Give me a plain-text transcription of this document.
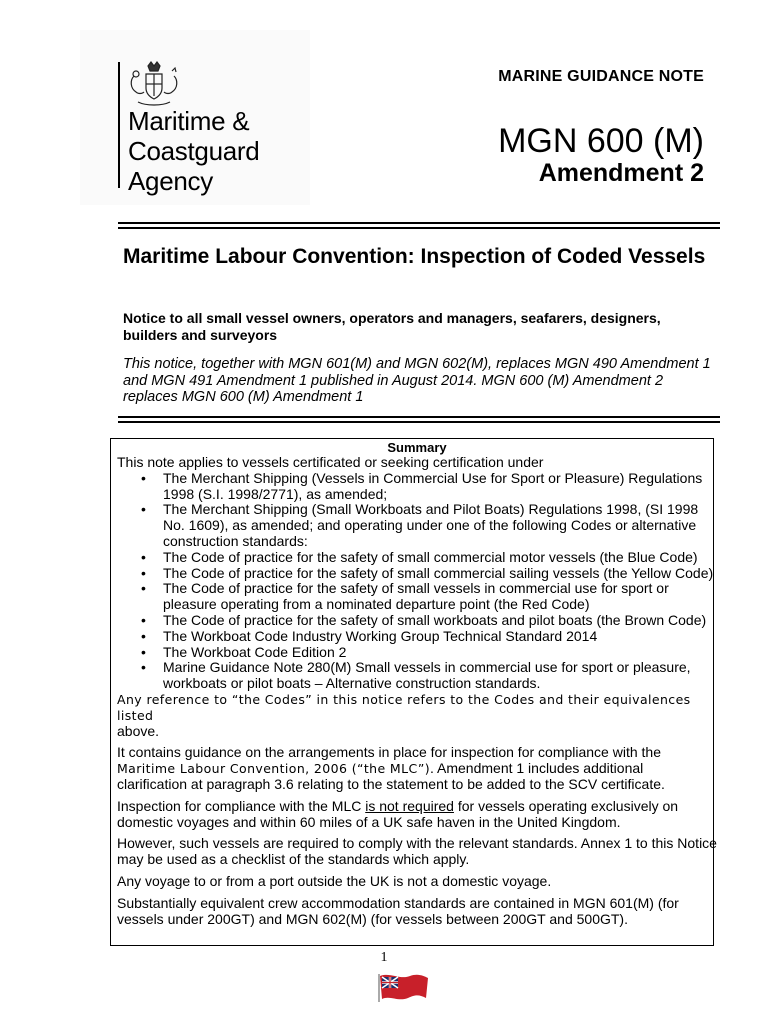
Maritime &
Coastguard
Agency
MARINE GUIDANCE NOTE
MGN 600 (M)
Amendment 2
Maritime Labour Convention: Inspection of Coded Vessels
Notice to all small vessel owners, operators and managers, seafarers, designers, builders and surveyors
This notice, together with MGN 601(M) and MGN 602(M), replaces MGN 490 Amendment 1 and MGN 491 Amendment 1 published in August 2014. MGN 600 (M) Amendment 2 replaces MGN 600 (M) Amendment 1
Summary

This note applies to vessels certificated or seeking certification under

• The Merchant Shipping (Vessels in Commercial Use for Sport or Pleasure) Regulations 1998 (S.I. 1998/2771), as amended;
• The Merchant Shipping (Small Workboats and Pilot Boats) Regulations 1998, (SI 1998 No. 1609), as amended; and operating under one of the following Codes or alternative construction standards:
• The Code of practice for the safety of small commercial motor vessels (the Blue Code)
• The Code of practice for the safety of small commercial sailing vessels (the Yellow Code)
• The Code of practice for the safety of small vessels in commercial use for sport or pleasure operating from a nominated departure point (the Red Code)
• The Code of practice for the safety of small workboats and pilot boats (the Brown Code)
• The Workboat Code Industry Working Group Technical Standard 2014
• The Workboat Code Edition 2
• Marine Guidance Note 280(M) Small vessels in commercial use for sport or pleasure, workboats or pilot boats – Alternative construction standards.

Any reference to “the Codes” in this notice refers to the Codes and their equivalences listed
above.

It contains guidance on the arrangements in place for inspection for compliance with the
Maritime Labour Convention, 2006 (“the MLC”). Amendment 1 includes additional clarification at paragraph 3.6 relating to the statement to be added to the SCV certificate.

Inspection for compliance with the MLC is not required for vessels operating exclusively on domestic voyages and within 60 miles of a UK safe haven in the United Kingdom.

However, such vessels are required to comply with the relevant standards. Annex 1 to this Notice may be used as a checklist of the standards which apply.

Any voyage to or from a port outside the UK is not a domestic voyage.

Substantially equivalent crew accommodation standards are contained in MGN 601(M) (for vessels under 200GT) and MGN 602(M) (for vessels between 200GT and 500GT).

1
